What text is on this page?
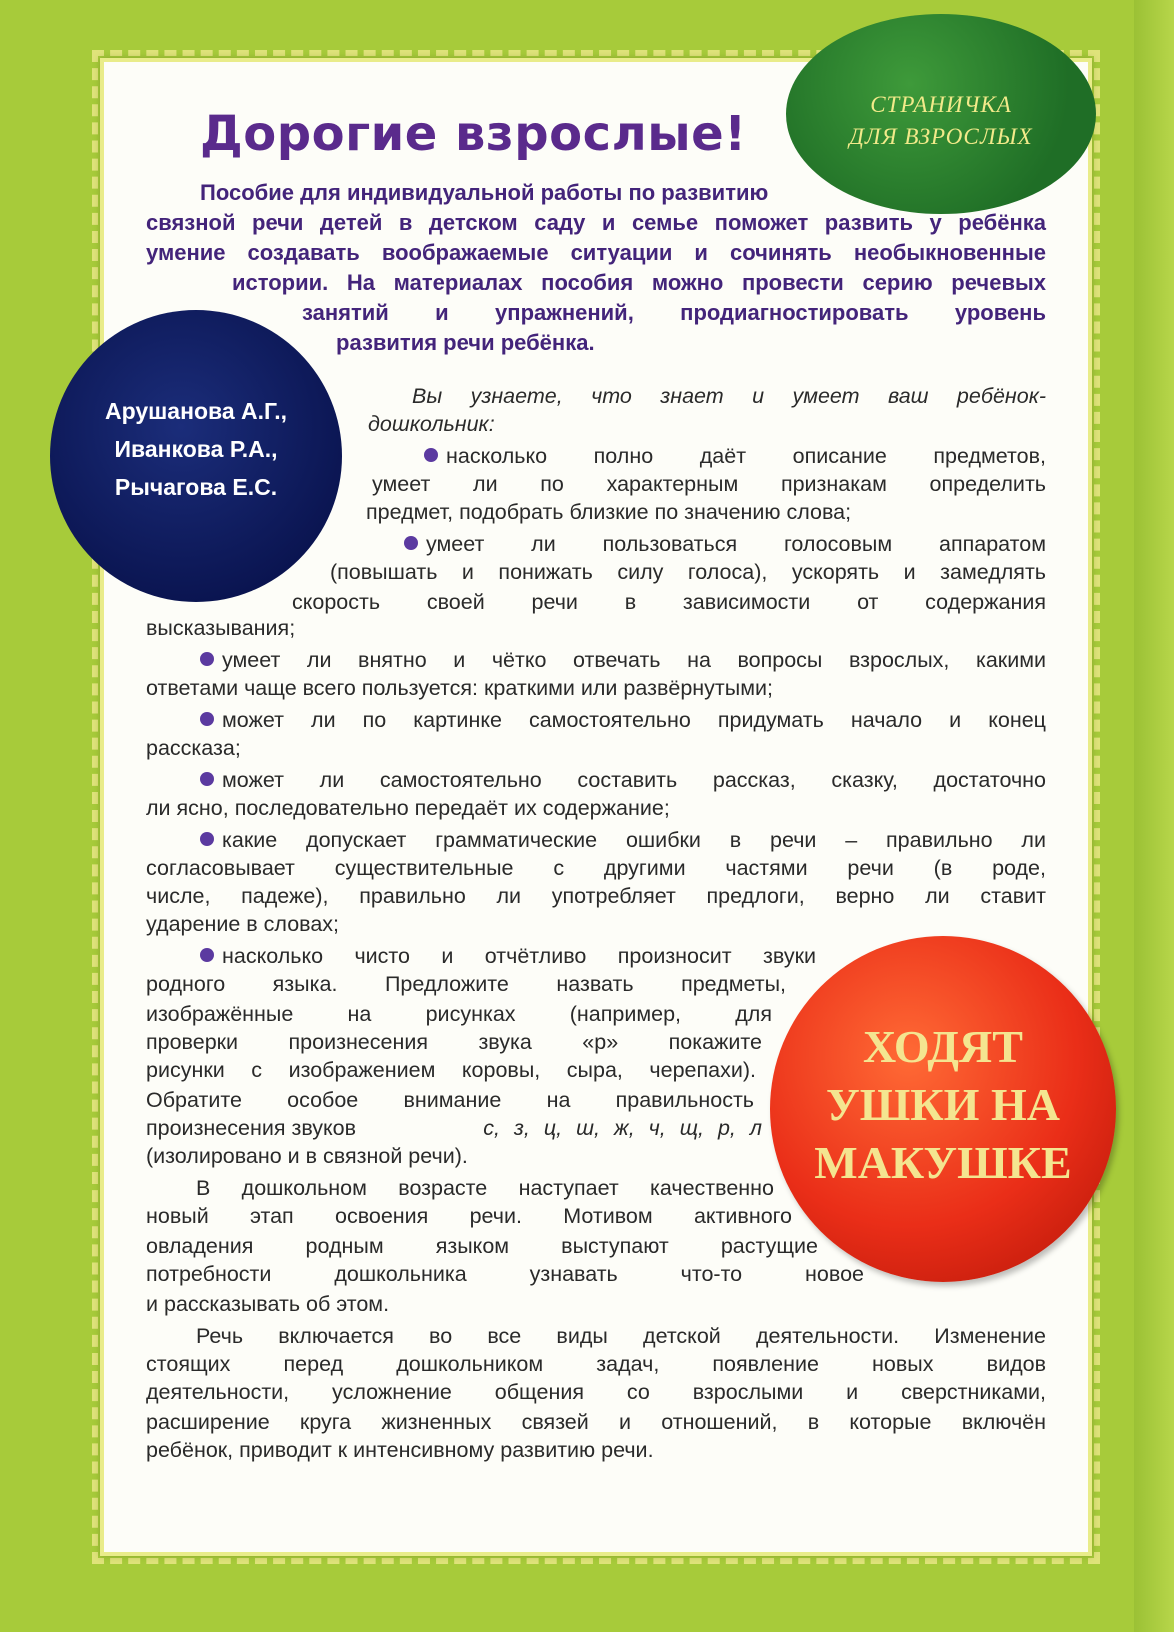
СТРАНИЧКА
ДЛЯ ВЗРОСЛЫХ
Дорогие взрослые!
Пособие для индивидуальной работы по развитию
связной речи детей в детском саду и семье поможет развить у ребёнка
умение создавать воображаемые ситуации и сочинять необыкновенные
истории. На материалах пособия можно провести серию речевых
занятий и упражнений, продиагностировать уровень
развития речи ребёнка.
Арушанова А.Г.,
Иванкова Р.А.,
Рычагова Е.С.
Вы узнаете, что знает и умеет ваш ребёнок-
дошкольник:
насколько полно даёт описание предметов,
умеет ли по характерным признакам определить
предмет, подобрать близкие по значению слова;
умеет ли пользоваться голосовым аппаратом
(повышать и понижать силу голоса), ускорять и замедлять
скорость своей речи в зависимости от содержания
высказывания;
умеет ли внятно и чётко отвечать на вопросы взрослых, какими
ответами чаще всего пользуется: краткими или развёрнутыми;
может ли по картинке самостоятельно придумать начало и конец
рассказа;
может ли самостоятельно составить рассказ, сказку, достаточно
ли ясно, последовательно передаёт их содержание;
какие допускает грамматические ошибки в речи – правильно ли
согласовывает существительные с другими частями речи (в роде,
числе, падеже), правильно ли употребляет предлоги, верно ли ставит
ударение в словах;
насколько чисто и отчётливо произносит звуки
родного языка. Предложите назвать предметы,
изображённые на рисунках (например, для
проверки произнесения звука «р» покажите
рисунки с изображением коровы, сыра, черепахи).
Обратите особое внимание на правильность
произнесения звуков	с, з, ц, ш, ж, ч, щ, р, л
(изолировано и в связной речи).
В дошкольном возрасте наступает качественно
новый этап освоения речи. Мотивом активного
овладения родным языком выступают растущие
потребности дошкольника узнавать что-то новое
и рассказывать об этом.
Речь включается во все виды детской деятельности. Изменение
стоящих перед дошкольником задач, появление новых видов
деятельности, усложнение общения со взрослыми и сверстниками,
расширение круга жизненных связей и отношений, в которые включён
ребёнок, приводит к интенсивному развитию речи.
ХОДЯТ
УШКИ НА
МАКУШКЕ
